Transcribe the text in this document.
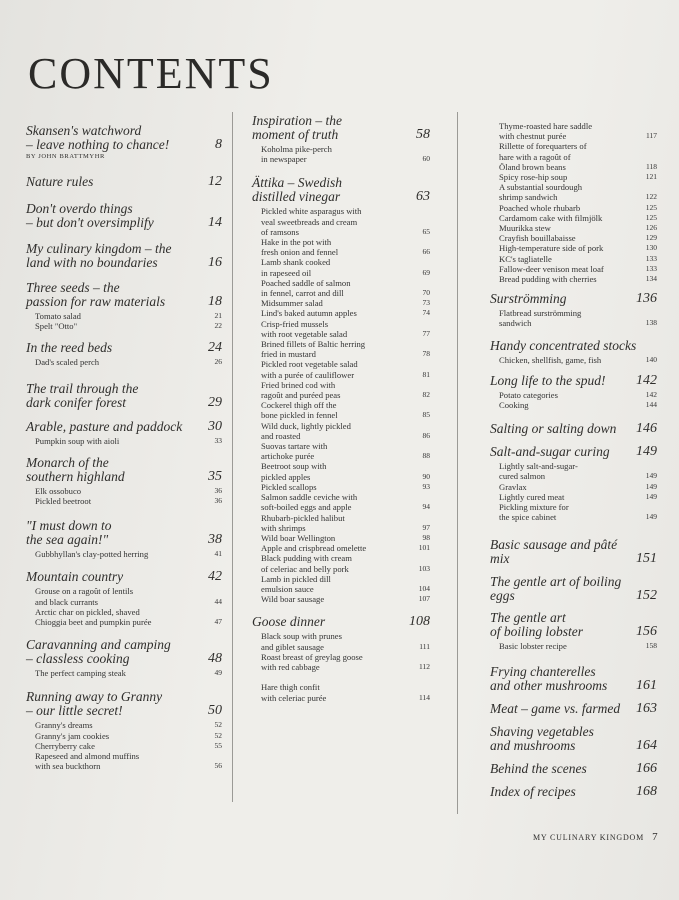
CONTENTS
Skansen's watchword
– leave nothing to chance!	8
BY JOHN BRATTMYHR
Nature rules	12
Don't overdo things
– but don't oversimplify	14
My culinary kingdom – the
land with no boundaries	16
Three seeds – the
passion for raw materials	18
Tomato salad	21
Spelt "Otto"	22
In the reed beds	24
Dad's scaled perch	26
The trail through the
dark conifer forest	29
Arable, pasture and paddock	30
Pumpkin soup with aioli	33
Monarch of the
southern highland	35
Elk ossobuco	36
Pickled beetroot	36
"I must down to
the sea again!"	38
Gubbhyllan's clay-potted herring	41
Mountain country	42
Grouse on a ragoût of lentils
and black currants	44
Arctic char on pickled, shaved
Chioggia beet and pumpkin purée	47
Caravanning and camping
– classless cooking	48
The perfect camping steak	49
Running away to Granny
– our little secret!	50
Granny's dreams	52
Granny's jam cookies	52
Cherryberry cake	55
Rapeseed and almond muffins
with sea buckthorn	56
Inspiration – the
moment of truth	58
Koholma pike-perch
in newspaper	60
Ättika – Swedish
distilled vinegar	63
Pickled white asparagus with
veal sweetbreads and cream
of ramsons	65
Hake in the pot with
fresh onion and fennel	66
Lamb shank cooked
in rapeseed oil	69
Poached saddle of salmon
in fennel, carrot and dill	70
Midsummer salad	73
Lind's baked autumn apples	74
Crisp-fried mussels
with root vegetable salad	77
Brined fillets of Baltic herring
fried in mustard	78
Pickled root vegetable salad
with a purée of cauliflower	81
Fried brined cod with
ragoût and puréed peas	82
Cockerel thigh off the
bone pickled in fennel	85
Wild duck, lightly pickled
and roasted	86
Suovas tartare with
artichoke purée	88
Beetroot soup with
pickled apples	90
Pickled scallops	93
Salmon saddle ceviche with
soft-boiled eggs and apple	94
Rhubarb-pickled halibut
with shrimps	97
Wild boar Wellington	98
Apple and crispbread omelette	101
Black pudding with cream
of celeriac and belly pork	103
Lamb in pickled dill
emulsion sauce	104
Wild boar sausage	107
Goose dinner	108
Black soup with prunes
and giblet sausage	111
Roast breast of greylag goose
with red cabbage	112

Hare thigh confit
with celeriac purée	114
Thyme-roasted hare saddle
with chestnut purée	117
Rillette of forequarters of
hare with a ragoût of
Öland brown beans	118
Spicy rose-hip soup	121
A substantial sourdough
shrimp sandwich	122
Poached whole rhubarb	125
Cardamom cake with filmjölk	125
Muurikka stew	126
Crayfish bouillabaisse	129
High-temperature side of pork	130
KC's tagliatelle	133
Fallow-deer venison meat loaf	133
Bread pudding with cherries	134
Surströmming	136
Flatbread surströmming
sandwich	138
Handy concentrated stocks
Chicken, shellfish, game, fish	140
Long life to the spud!	142
Potato categories	142
Cooking	144
Salting or salting down	146
Salt-and-sugar curing	149
Lightly salt-and-sugar-
cured salmon	149
Gravlax	149
Lightly cured meat	149
Pickling mixture for
the spice cabinet	149
Basic sausage and pâté mix	151
The gentle art of boiling eggs	152
The gentle art
of boiling lobster	156
Basic lobster recipe	158
Frying chanterelles
and other mushrooms	161
Meat – game vs. farmed	163
Shaving vegetables
and mushrooms	164
Behind the scenes	166
Index of recipes	168
MY CULINARY KINGDOM 7
